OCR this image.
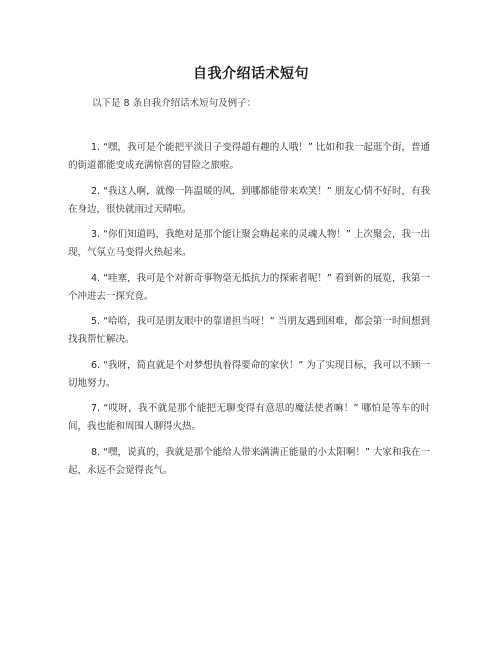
自我介绍话术短句
以下是 8 条自我介绍话术短句及例子：
1. “嘿，我可是个能把平淡日子变得超有趣的人哦！” 比如和我一起逛个街，普通的街道都能变成充满惊喜的冒险之旅啦。
2. “我这人啊，就像一阵温暖的风，到哪都能带来欢笑！” 朋友心情不好时，有我在身边，很快就雨过天晴啦。
3. “你们知道吗，我绝对是那个能让聚会嗨起来的灵魂人物！” 上次聚会，我一出现，气氛立马变得火热起来。
4. “哇塞，我可是个对新奇事物毫无抵抗力的探索者呢！” 看到新的展览，我第一个冲进去一探究竟。
5. “哈哈，我可是朋友眼中的靠谱担当呀！” 当朋友遇到困难，都会第一时间想到找我帮忙解决。
6. “我呀，简直就是个对梦想执着得要命的家伙！” 为了实现目标，我可以不顾一切地努力。
7. “哎呀，我不就是那个能把无聊变得有意思的魔法使者嘛！” 哪怕是等车的时间，我也能和周围人聊得火热。
8. “嘿，说真的，我就是那个能给人带来满满正能量的小太阳啊！” 大家和我在一起，永远不会觉得丧气。
